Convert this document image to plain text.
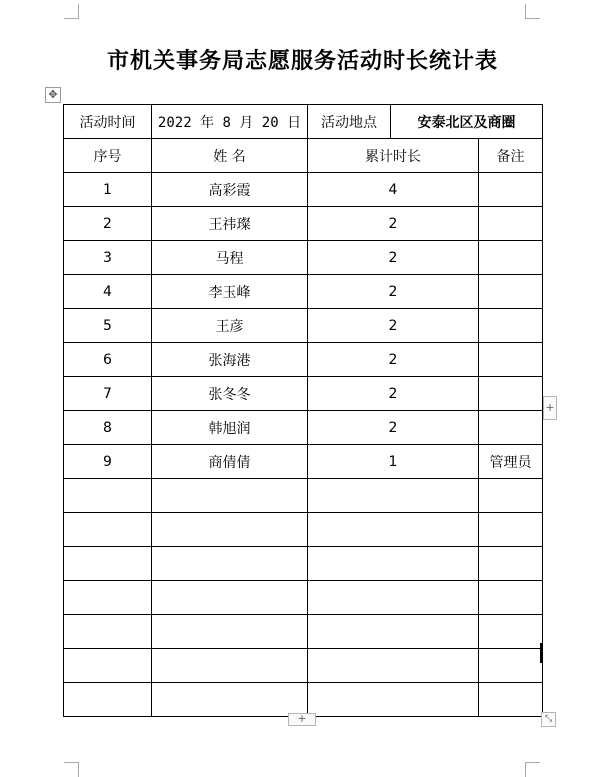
市机关事务局志愿服务活动时长统计表
✥
活动时间	2022 年 8 月 20 日	活动地点	安泰北区及商圈	
序号	姓 名	累计时长		备注
1	高彩霞	4		
2	王祎璨	2		
3	马程	2		
4	李玉峰	2		
5	王彦	2		
6	张海港	2		
7	张冬冬	2		
8	韩旭润	2		
9	商倩倩	1		管理员

+
+	⤡
